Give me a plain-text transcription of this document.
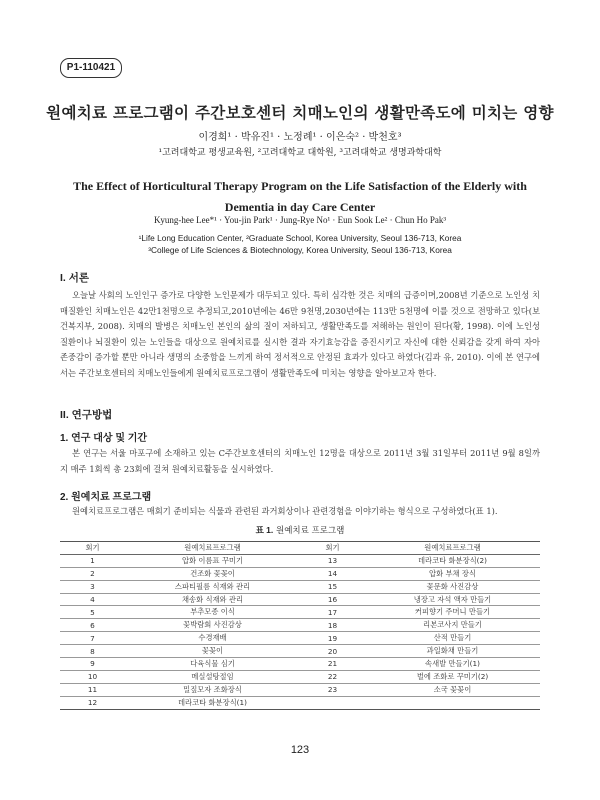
P1-110421
원예치료 프로그램이 주간보호센터 치매노인의 생활만족도에 미치는 영향
이경희¹ · 박유진¹ · 노정례¹ · 이은숙² · 박천호³
¹고려대학교 평생교육원, ²고려대학교 대학원, ³고려대학교 생명과학대학
The Effect of Horticultural Therapy Program on the Life Satisfaction of the Elderly with
Dementia in day Care Center
Kyung-hee Lee*¹ · You-jin Park¹ · Jung-Rye No¹ · Eun Sook Le² · Chun Ho Pak³
¹Life Long Education Center, ²Graduate School, Korea University, Seoul 136-713, Korea
³College of Life Sciences & Biotechnology, Korea University, Seoul 136-713, Korea
I. 서론
오늘날 사회의 노인인구 증가로 다양한 노인문제가 대두되고 있다. 특히 심각한 것은 치매의 급증이며,2008년 기준으로 노인성 치매질환인 치매노인은 42만1천명으로 추정되고,2010년에는 46만 9천명,2030년에는 113만 5천명에 이를 것으로 전망하고 있다(보건복지부, 2008). 치매의 발병은 치매노인 본인의 삶의 질이 저하되고, 생활만족도를 저해하는 원인이 된다(황, 1998). 이에 노인성 질환이나 뇌질환이 있는 노인들을 대상으로 원예치료를 실시한 결과 자기효능감을 증진시키고 자신에 대한 신뢰감을 갖게 하여 자아존중감이 증가할 뿐만 아니라 생명의 소중함을 느끼게 하여 정서적으로 안정된 효과가 있다고 하였다(김과 유, 2010). 이에 본 연구에서는 주간보호센터의 치매노인들에게 원예치료프로그램이 생활만족도에 미치는 영향을 알아보고자 한다.
II. 연구방법
1. 연구 대상 및 기간
본 연구는 서울 마포구에 소재하고 있는 C주간보호센터의 치매노인 12명을 대상으로 2011년 3월 31일부터 2011년 9월 8일까지 매주 1회씩 총 23회에 걸쳐 원예치료활동을 실시하였다.
2. 원예치료 프로그램
원예치료프로그램은 매회기 준비되는 식물과 관련된 과거회상이나 관련경험을 이야기하는 형식으로 구성하였다(표 1).
표 1. 원예치료 프로그램
회기	원예치료프로그램	회기	원예치료프로그램
1	압화 이름표 꾸미기	13	데라코타 화분장식(2)
2	건조화 꽃꽂이	14	압화 부채 장식
3	스파티필름 식재와 관리	15	꽃문화 사진감상
4	채송화 식재와 관리	16	냉장고 자석 액자 만들기
5	부추모종 이식	17	커피향기 주머니 만들기
6	꽃박람회 사진감상	18	리본코사지 만들기
7	수경재배	19	산적 만들기
8	꽃꽂이	20	과일화채 만들기
9	다육식물 심기	21	속새발 만들기(1)
10	메실설탕절임	22	벌에 조화로 꾸미기(2)
11	밀짚모자 조화장식	23	소국 꽃꽂이
12	데라코타 화분장식(1)		
123
